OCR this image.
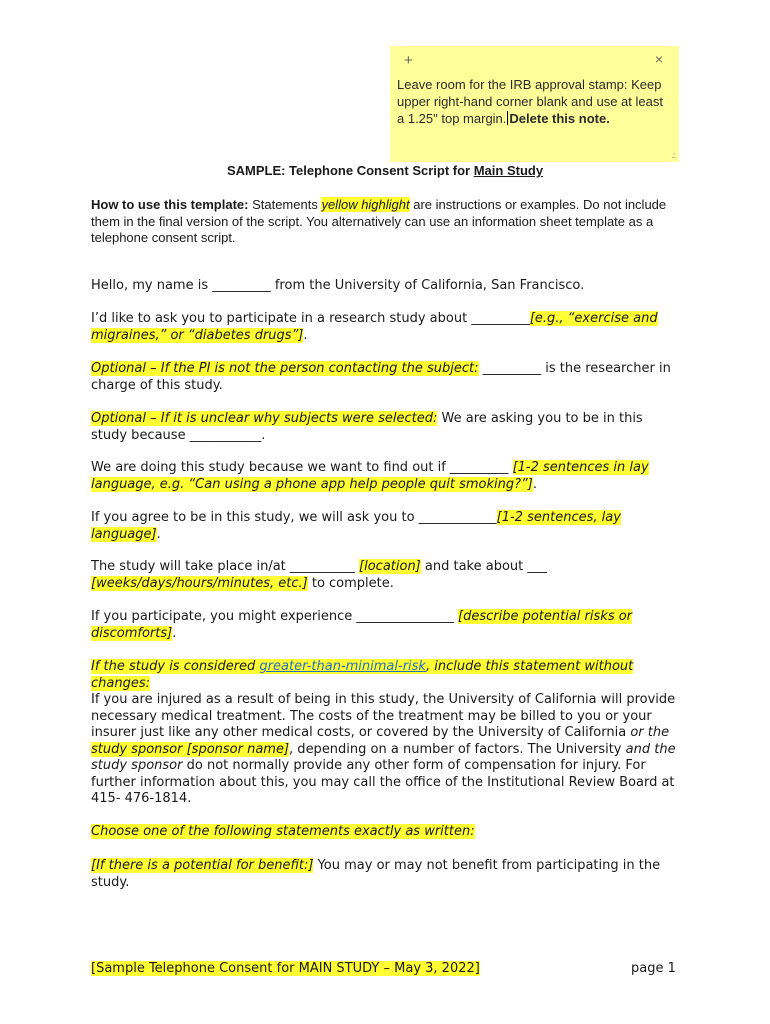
+	×
Leave room for the IRB approval stamp: Keep upper right-hand corner blank and use at least a 1.25" top margin. Delete this note.
.::
SAMPLE: Telephone Consent Script for Main Study
How to use this template: Statements yellow highlight are instructions or examples. Do not include them in the final version of the script. You alternatively can use an information sheet template as a telephone consent script.
Hello, my name is _________ from the University of California, San Francisco.
I’d like to ask you to participate in a research study about _________[e.g., “exercise and migraines,” or “diabetes drugs”].
Optional – If the PI is not the person contacting the subject: _________ is the researcher in charge of this study.
Optional – If it is unclear why subjects were selected: We are asking you to be in this study because ___________.
We are doing this study because we want to find out if _________ [1-2 sentences in lay language, e.g. “Can using a phone app help people quit smoking?”].
If you agree to be in this study, we will ask you to ____________[1-2 sentences, lay language].
The study will take place in/at __________ [location] and take about ___ [weeks/days/hours/minutes, etc.] to complete.
If you participate, you might experience _______________ [describe potential risks or discomforts].
If the study is considered greater-than-minimal-risk, include this statement without changes:
If you are injured as a result of being in this study, the University of California will provide necessary medical treatment. The costs of the treatment may be billed to you or your insurer just like any other medical costs, or covered by the University of California or the study sponsor [sponsor name], depending on a number of factors. The University and the study sponsor do not normally provide any other form of compensation for injury. For further information about this, you may call the office of the Institutional Review Board at 415- 476-1814.
Choose one of the following statements exactly as written:
[If there is a potential for benefit:] You may or may not benefit from participating in the study.
[Sample Telephone Consent for MAIN STUDY – May 3, 2022]	page 1
